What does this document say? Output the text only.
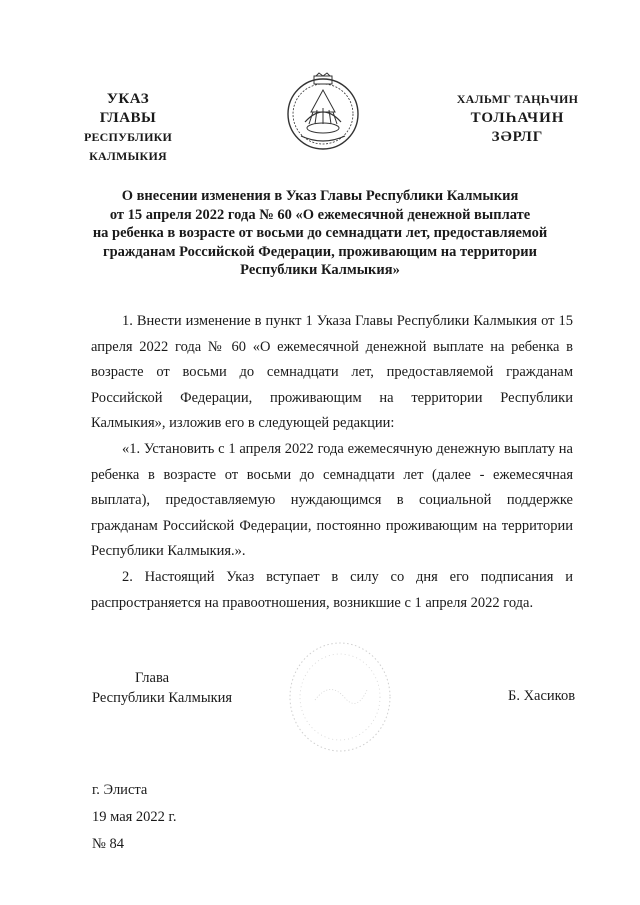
УКАЗ
ГЛАВЫ
РЕСПУБЛИКИ КАЛМЫКИЯ
ХАЛЬМГ ТАҢҺЧИН
ТОЛҺАЧИН
ЗӘРЛГ
О внесении изменения в Указ Главы Республики Калмыкия
от 15 апреля 2022 года № 60 «О ежемесячной денежной выплате
на ребенка в возрасте от восьми до семнадцати лет, предоставляемой
гражданам Российской Федерации, проживающим на территории
Республики Калмыкия»

1. Внести изменение в пункт 1 Указа Главы Республики Калмыкия от 15 апреля 2022 года № 60 «О ежемесячной денежной выплате на ребенка в возрасте от восьми до семнадцати лет, предоставляемой гражданам Российской Федерации, проживающим на территории Республики Калмыкия», изложив его в следующей редакции:

«1. Установить с 1 апреля 2022 года ежемесячную денежную выплату на ребенка в возрасте от восьми до семнадцати лет (далее - ежемесячная выплата), предоставляемую нуждающимся в социальной поддержке гражданам Российской Федерации, постоянно проживающим на территории Республики Калмыкия.».

2. Настоящий Указ вступает в силу со дня его подписания и распространяется на правоотношения, возникшие с 1 апреля 2022 года.

Глава
Республики Калмыкия	Б. Хасиков
г. Элиста
19 мая 2022 г.
№ 84
